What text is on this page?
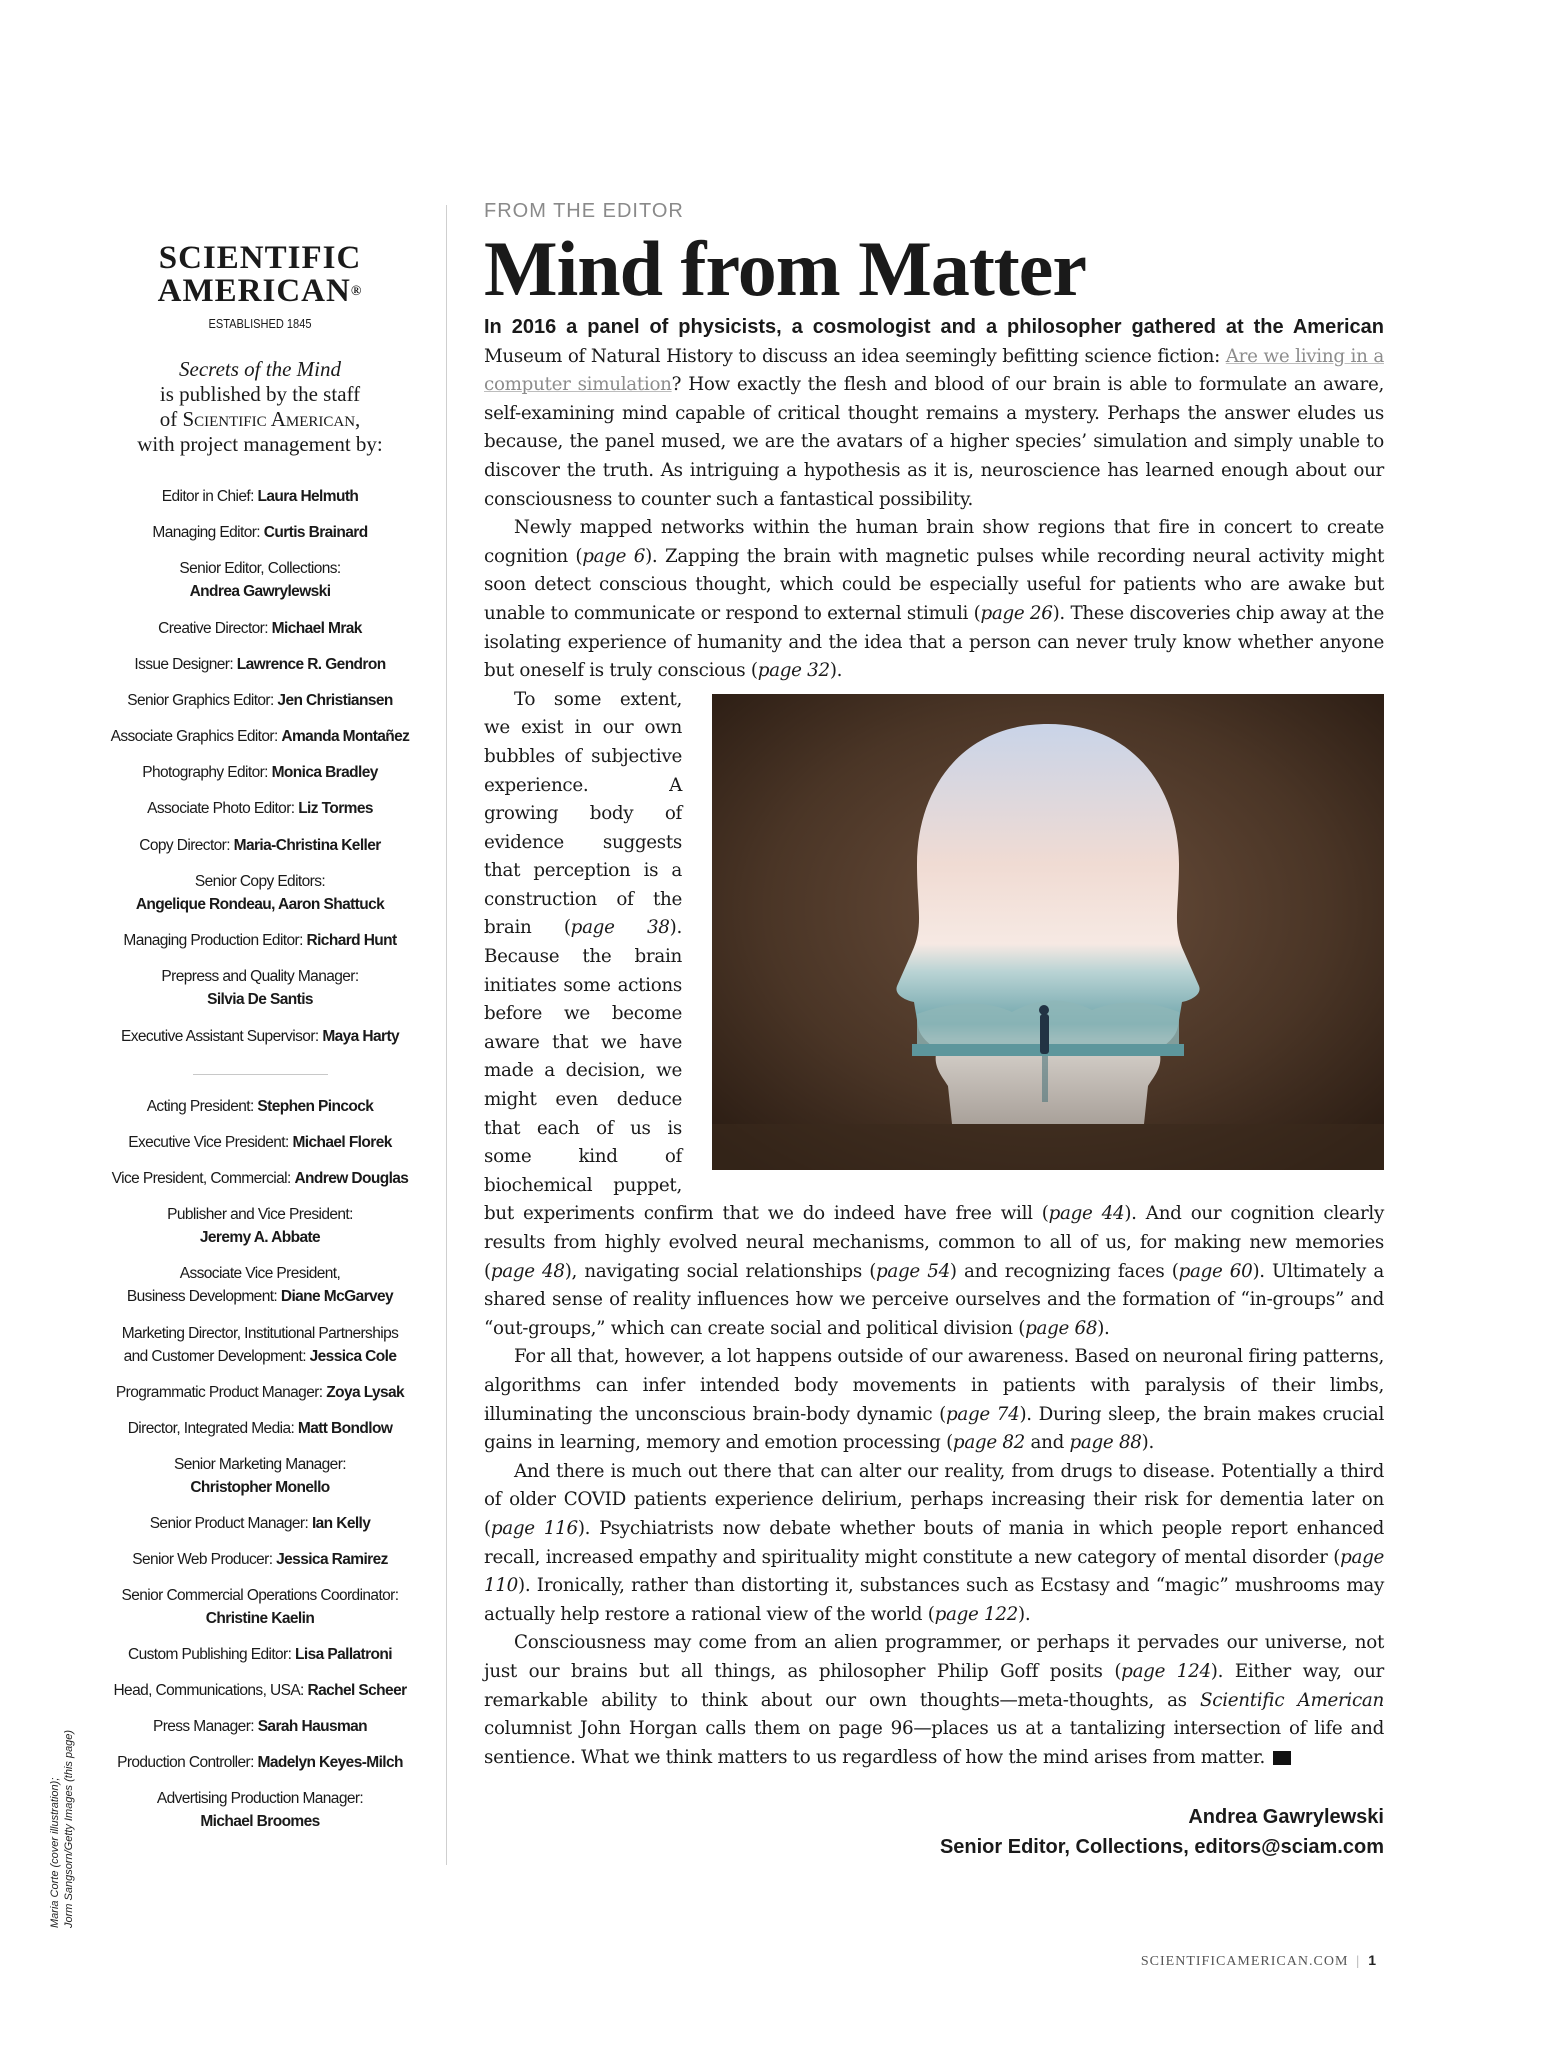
SCIENTIFIC
AMERICAN®
ESTABLISHED 1845
Secrets of the Mind
is published by the staff
of Scientific American,
with project management by:
Editor in Chief: Laura Helmuth
Managing Editor: Curtis Brainard
Senior Editor, Collections:
Andrea Gawrylewski
Creative Director: Michael Mrak
Issue Designer: Lawrence R. Gendron
Senior Graphics Editor: Jen Christiansen
Associate Graphics Editor: Amanda Montañez
Photography Editor: Monica Bradley
Associate Photo Editor: Liz Tormes
Copy Director: Maria-Christina Keller
Senior Copy Editors:
Angelique Rondeau, Aaron Shattuck
Managing Production Editor: Richard Hunt
Prepress and Quality Manager:
Silvia De Santis
Executive Assistant Supervisor: Maya Harty
Acting President: Stephen Pincock
Executive Vice President: Michael Florek
Vice President, Commercial: Andrew Douglas
Publisher and Vice President:
Jeremy A. Abbate
Associate Vice President,
Business Development: Diane McGarvey
Marketing Director, Institutional Partnerships
and Customer Development: Jessica Cole
Programmatic Product Manager: Zoya Lysak
Director, Integrated Media: Matt Bondlow
Senior Marketing Manager:
Christopher Monello
Senior Product Manager: Ian Kelly
Senior Web Producer: Jessica Ramirez
Senior Commercial Operations Coordinator:
Christine Kaelin
Custom Publishing Editor: Lisa Pallatroni
Head, Communications, USA: Rachel Scheer
Press Manager: Sarah Hausman
Production Controller: Madelyn Keyes-Milch
Advertising Production Manager:
Michael Broomes
Maria Corte (cover illustration); Jorm Sangsorn/Getty Images (this page)
FROM THE EDITOR
Mind from Matter

In 2016 a panel of physicists, a cosmologist and a philosopher gathered at the American Museum of Natural History to discuss an idea seemingly befitting science fiction: Are we living in a computer simulation? How exactly the flesh and blood of our brain is able to formulate an aware, self-examining mind capable of critical thought remains a mystery. Perhaps the answer eludes us because, the panel mused, we are the avatars of a higher species’ simulation and simply unable to discover the truth. As intriguing a hypothesis as it is, neuroscience has learned enough about our consciousness to counter such a fantastical possibility.

Newly mapped networks within the human brain show regions that fire in concert to create cognition (page 6). Zapping the brain with magnetic pulses while recording neural activity might soon detect conscious thought, which could be especially useful for patients who are awake but unable to communicate or respond to external stimuli (page 26). These discoveries chip away at the isolating experience of humanity and the idea that a person can never truly know whether anyone but oneself is truly conscious (page 32).

To some extent, we exist in our own bubbles of subjective experience. A growing body of evidence suggests that perception is a construction of the brain (page 38). Because the brain initiates some actions before we become aware that we have made a decision, we might even deduce that each of us is some kind of biochemical puppet, but experiments confirm that we do indeed have free will (page 44). And our cognition clearly results from highly evolved neural mechanisms, common to all of us, for making new memories (page 48), navigating social relationships (page 54) and recognizing faces (page 60). Ultimately a shared sense of reality influences how we perceive ourselves and the formation of “in-groups” and “out-groups,” which can create social and political division (page 68).

For all that, however, a lot happens outside of our awareness. Based on neuronal firing patterns, algorithms can infer intended body movements in patients with paralysis of their limbs, illuminating the unconscious brain-body dynamic (page 74). During sleep, the brain makes crucial gains in learning, memory and emotion processing (page 82 and page 88).

And there is much out there that can alter our reality, from drugs to disease. Potentially a third of older COVID patients experience delirium, perhaps increasing their risk for dementia later on (page 116). Psychiatrists now debate whether bouts of mania in which people report enhanced recall, increased empathy and spirituality might constitute a new category of mental disorder (page 110). Ironically, rather than distorting it, substances such as Ecstasy and “magic” mushrooms may actually help restore a rational view of the world (page 122).

Consciousness may come from an alien programmer, or perhaps it pervades our universe, not just our brains but all things, as philosopher Philip Goff posits (page 124). Either way, our remarkable ability to think about our own thoughts—meta-thoughts, as Scientific American columnist John Horgan calls them on page 96—places us at a tantalizing intersection of life and sentience. What we think matters to us regardless of how the mind arises from matter.	SA

Andrea Gawrylewski
Senior Editor, Collections, editors@sciam.com
SCIENTIFICAMERICAN.COM | 1
